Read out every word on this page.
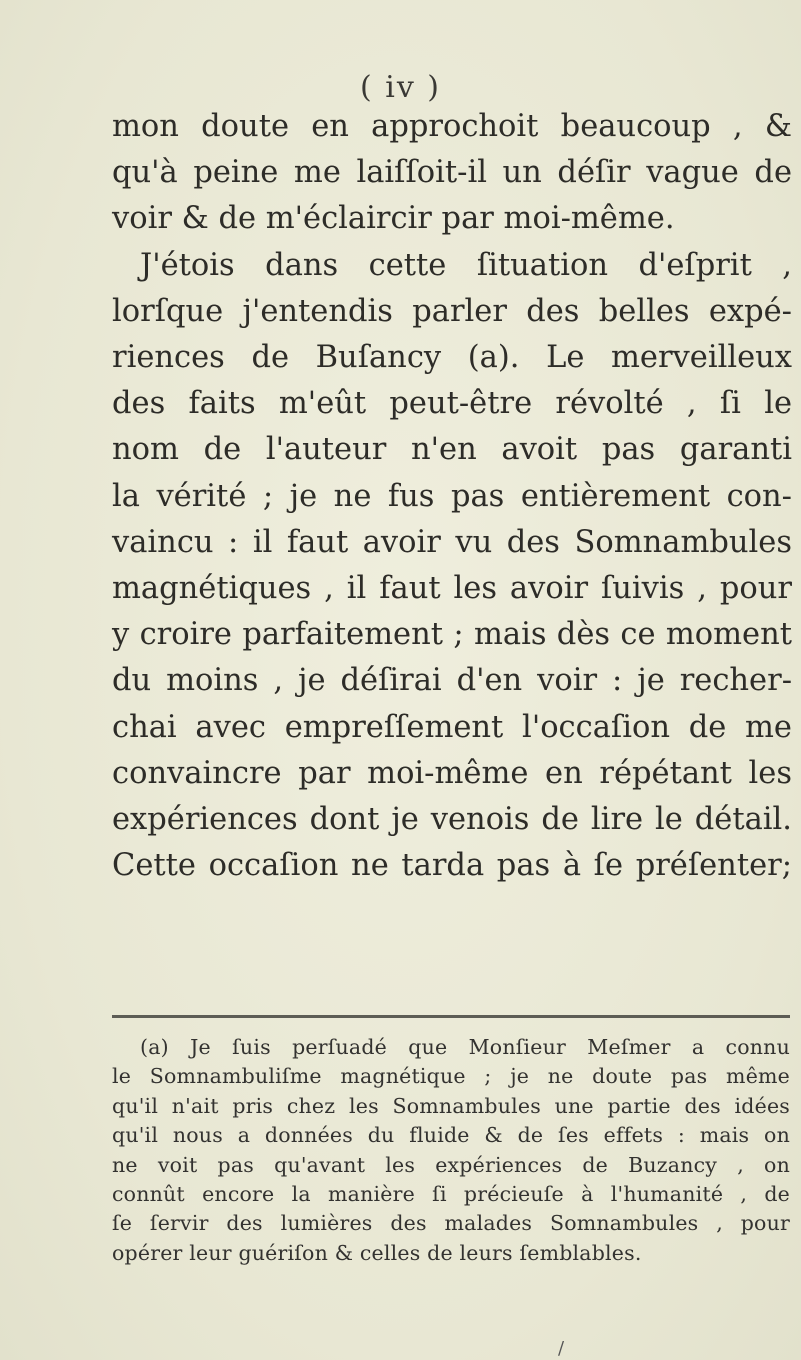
( iv )
mon doute en approchoit beaucoup , &
qu'à peine me laiſſoit-il un déſir vague de
voir & de m'éclaircir par moi-même.
J'étois dans cette ſituation d'eſprit ,
lorſque j'entendis parler des belles expé-
riences de Buſancy (a). Le merveilleux
des faits m'eût peut-être révolté , ſi le
nom de l'auteur n'en avoit pas garanti
la vérité ; je ne fus pas entièrement con-
vaincu : il faut avoir vu des Somnambules
magnétiques , il faut les avoir ſuivis , pour
y croire parfaitement ; mais dès ce moment
du moins , je déſirai d'en voir : je recher-
chai avec empreſſement l'occaſion de me
convaincre par moi-même en répétant les
expériences dont je venois de lire le détail.
Cette occaſion ne tarda pas à ſe préſenter;
(a) Je ſuis perſuadé que Monſieur Meſmer a connu
le Somnambuliſme magnétique ; je ne doute pas même
qu'il n'ait pris chez les Somnambules une partie des idées
qu'il nous a données du fluide & de ſes effets : mais on
ne voit pas qu'avant les expériences de Buzancy , on
connût encore la manière ſi précieuſe à l'humanité , de
ſe ſervir des lumières des malades Somnambules , pour
opérer leur guériſon & celles de leurs ſemblables.
/
